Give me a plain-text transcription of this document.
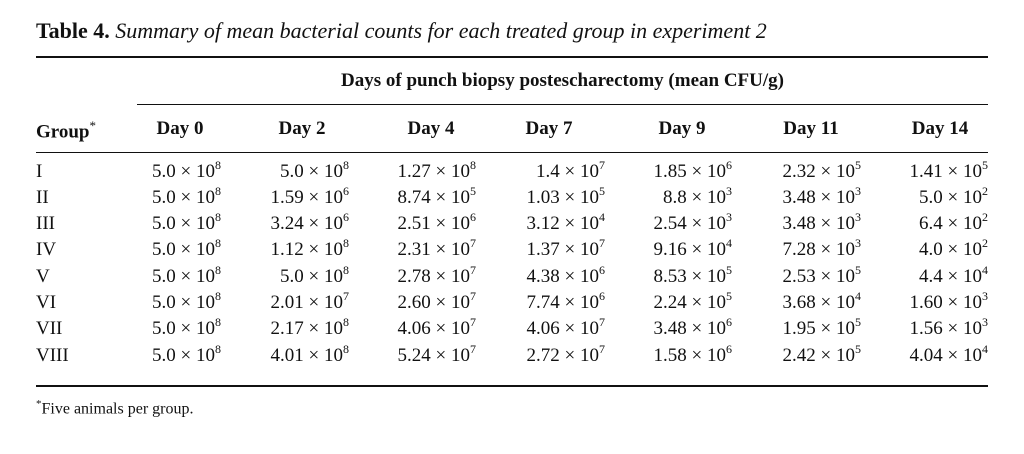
Table 4. Summary of mean bacterial counts for each treated group in experiment 2
Days of punch biopsy postescharectomy (mean CFU/g)
Group*	Day 0	Day 2	Day 4	Day 7	Day 9	Day 11	Day 14
I	$5.0 \times 10^8$	$5.0 \times 10^8$	$1.27 \times 10^8$	$1.4 \times 10^7$	$1.85 \times 10^6$	$2.32 \times 10^5$	$1.41 \times 10^5$
II	$5.0 \times 10^8$	$1.59 \times 10^6$	$8.74 \times 10^5$	$1.03 \times 10^5$	$8.8 \times 10^3$	$3.48 \times 10^3$	$5.0 \times 10^2$
III	$5.0 \times 10^8$	$3.24 \times 10^6$	$2.51 \times 10^6$	$3.12 \times 10^4$	$2.54 \times 10^3$	$3.48 \times 10^3$	$6.4 \times 10^2$
IV	$5.0 \times 10^8$	$1.12 \times 10^8$	$2.31 \times 10^7$	$1.37 \times 10^7$	$9.16 \times 10^4$	$7.28 \times 10^3$	$4.0 \times 10^2$
V	$5.0 \times 10^8$	$5.0 \times 10^8$	$2.78 \times 10^7$	$4.38 \times 10^6$	$8.53 \times 10^5$	$2.53 \times 10^5$	$4.4 \times 10^4$
VI	$5.0 \times 10^8$	$2.01 \times 10^7$	$2.60 \times 10^7$	$7.74 \times 10^6$	$2.24 \times 10^5$	$3.68 \times 10^4$	$1.60 \times 10^3$
VII	$5.0 \times 10^8$	$2.17 \times 10^8$	$4.06 \times 10^7$	$4.06 \times 10^7$	$3.48 \times 10^6$	$1.95 \times 10^5$	$1.56 \times 10^3$
VIII	$5.0 \times 10^8$	$4.01 \times 10^8$	$5.24 \times 10^7$	$2.72 \times 10^7$	$1.58 \times 10^6$	$2.42 \times 10^5$	$4.04 \times 10^4$
*Five animals per group.
